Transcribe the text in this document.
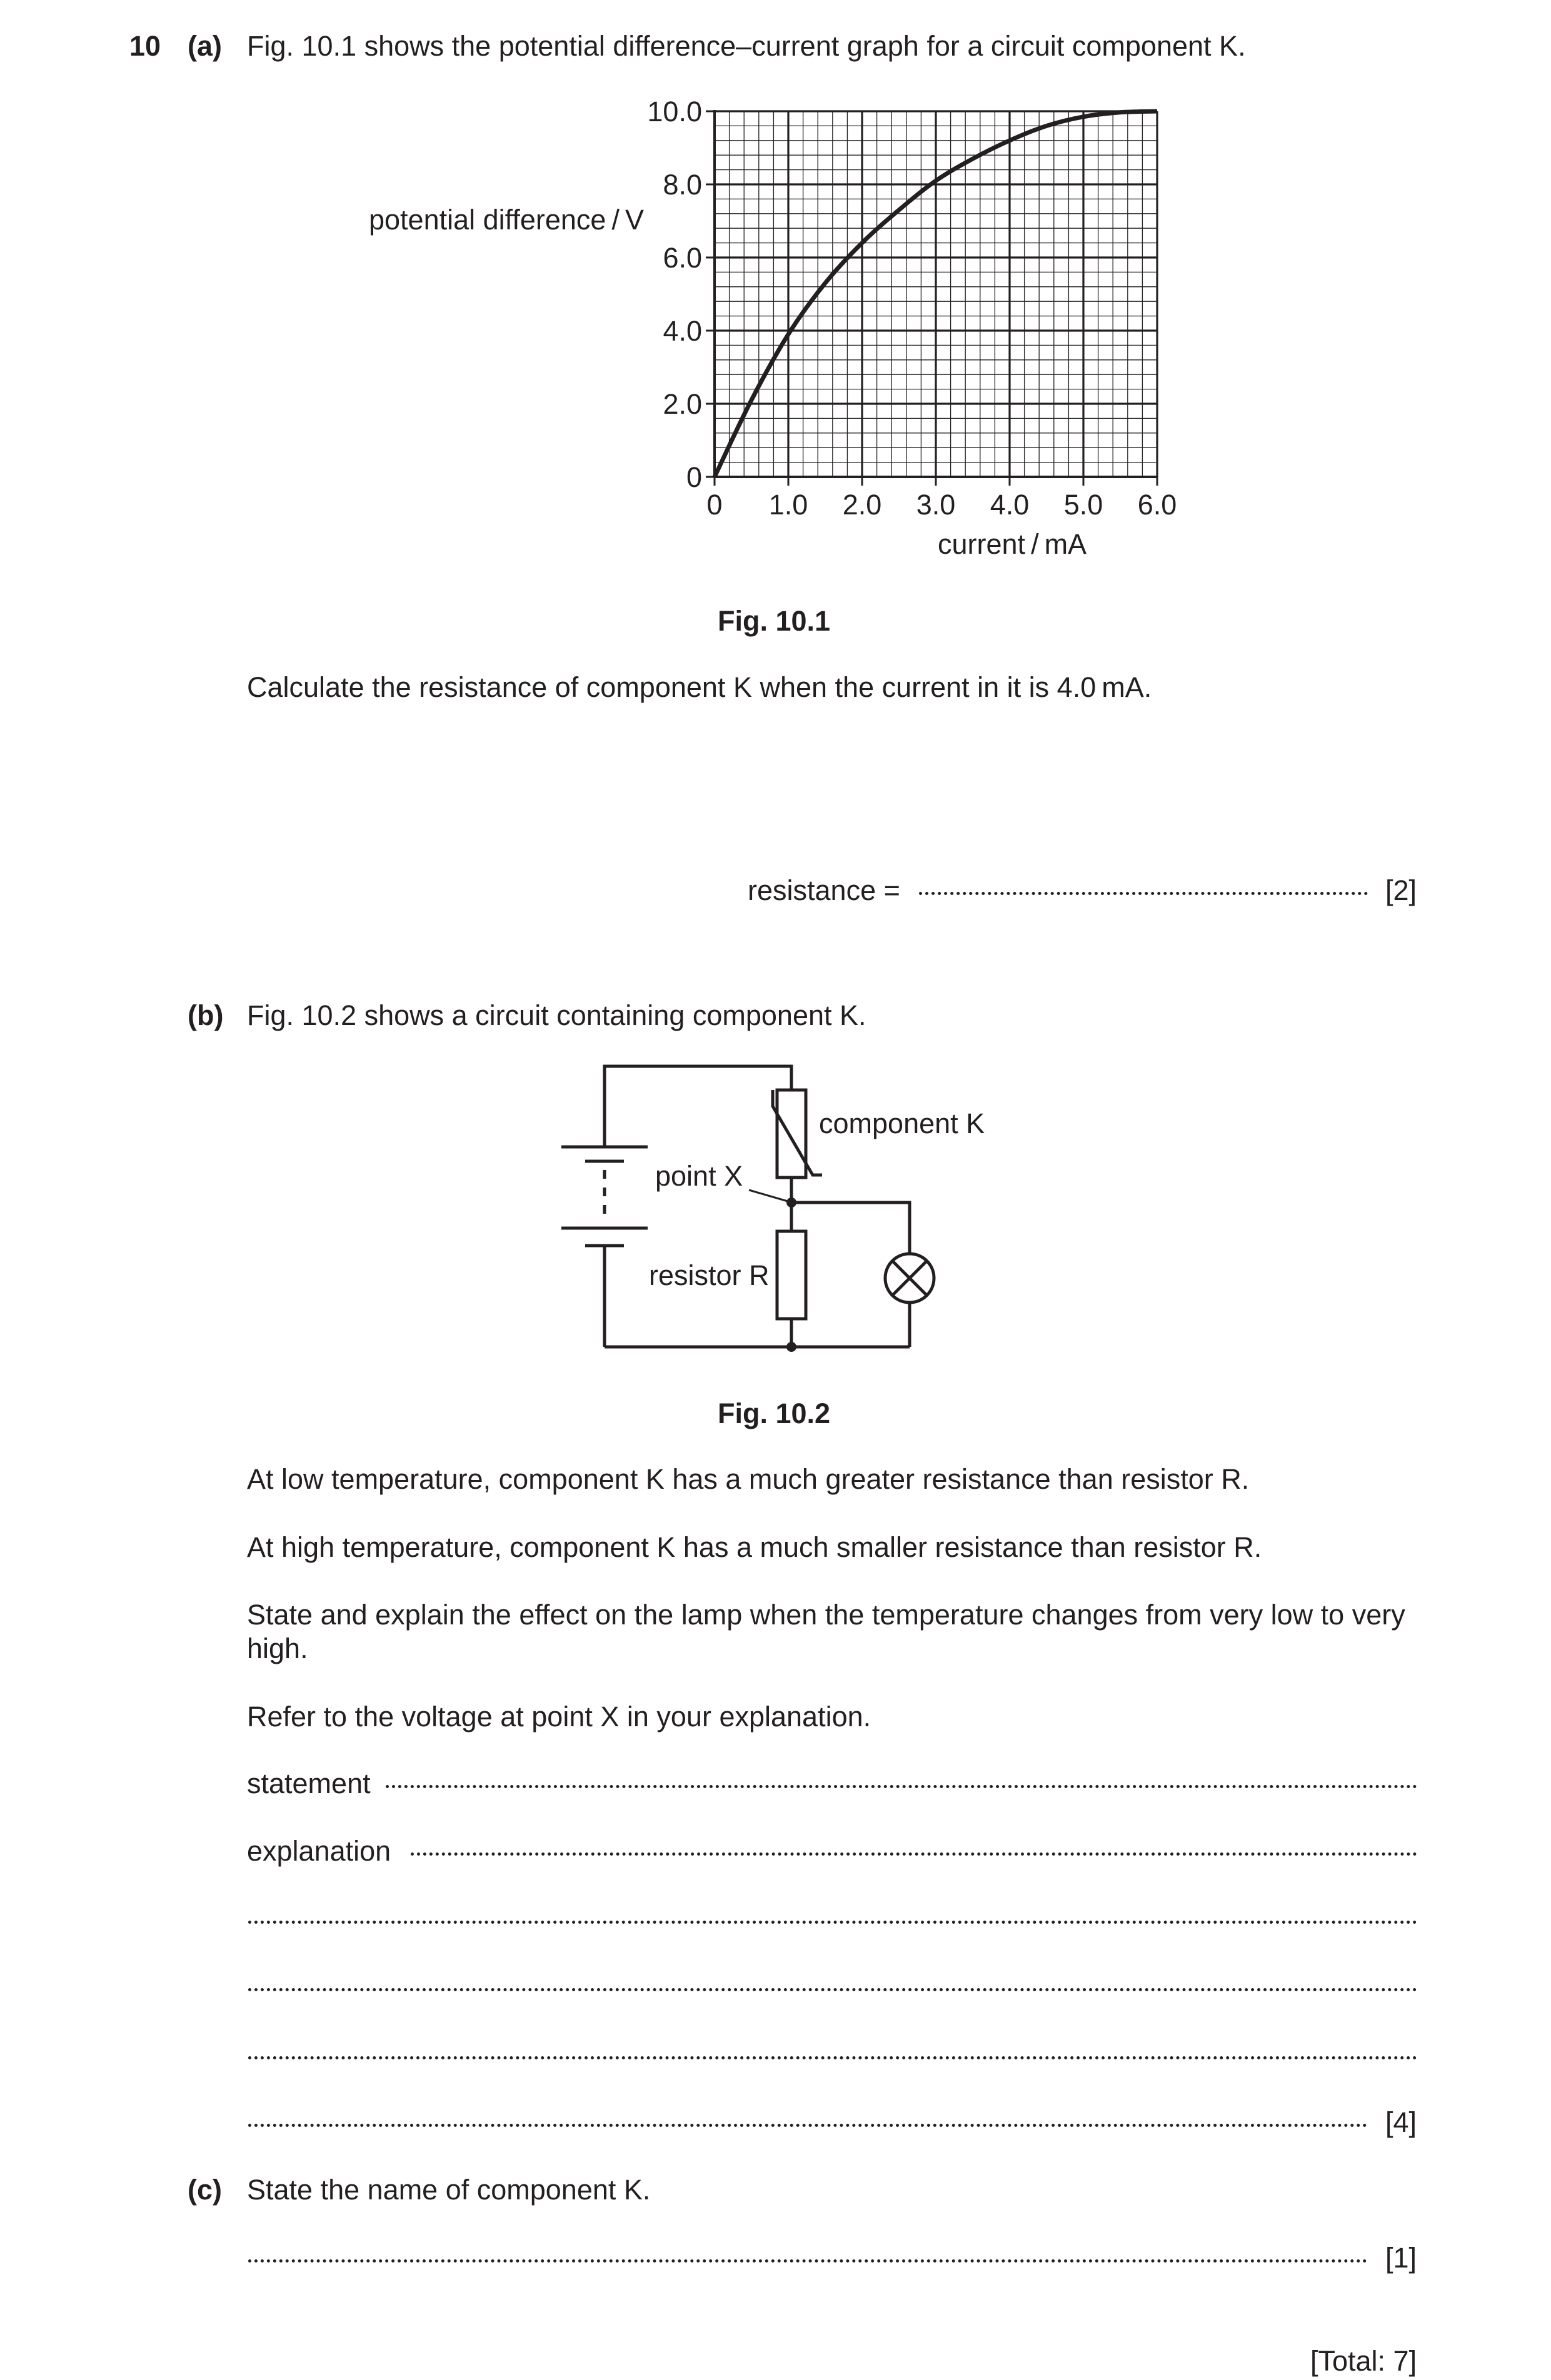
10 (a) Fig. 10.1 shows the potential difference–current graph for a circuit component K.
0 1.0 2.0 3.0 4.0 5.0 6.0
0
2.0
4.0
6.0
8.0
10.0
potential difference / V
current / mA
Fig. 10.1
Calculate the resistance of component K when the current in it is 4.0 mA.
resistance =	[2]
(b) Fig. 10.2 shows a circuit containing component K.
component K
point X
resistor R
Fig. 10.2
At low temperature, component K has a much greater resistance than resistor R.
At high temperature, component K has a much smaller resistance than resistor R.
State and explain the effect on the lamp when the temperature changes from very low to very
high.
Refer to the voltage at point X in your explanation.
statement
explanation
[4]
(c) State the name of component K.
[1]
[Total: 7]
